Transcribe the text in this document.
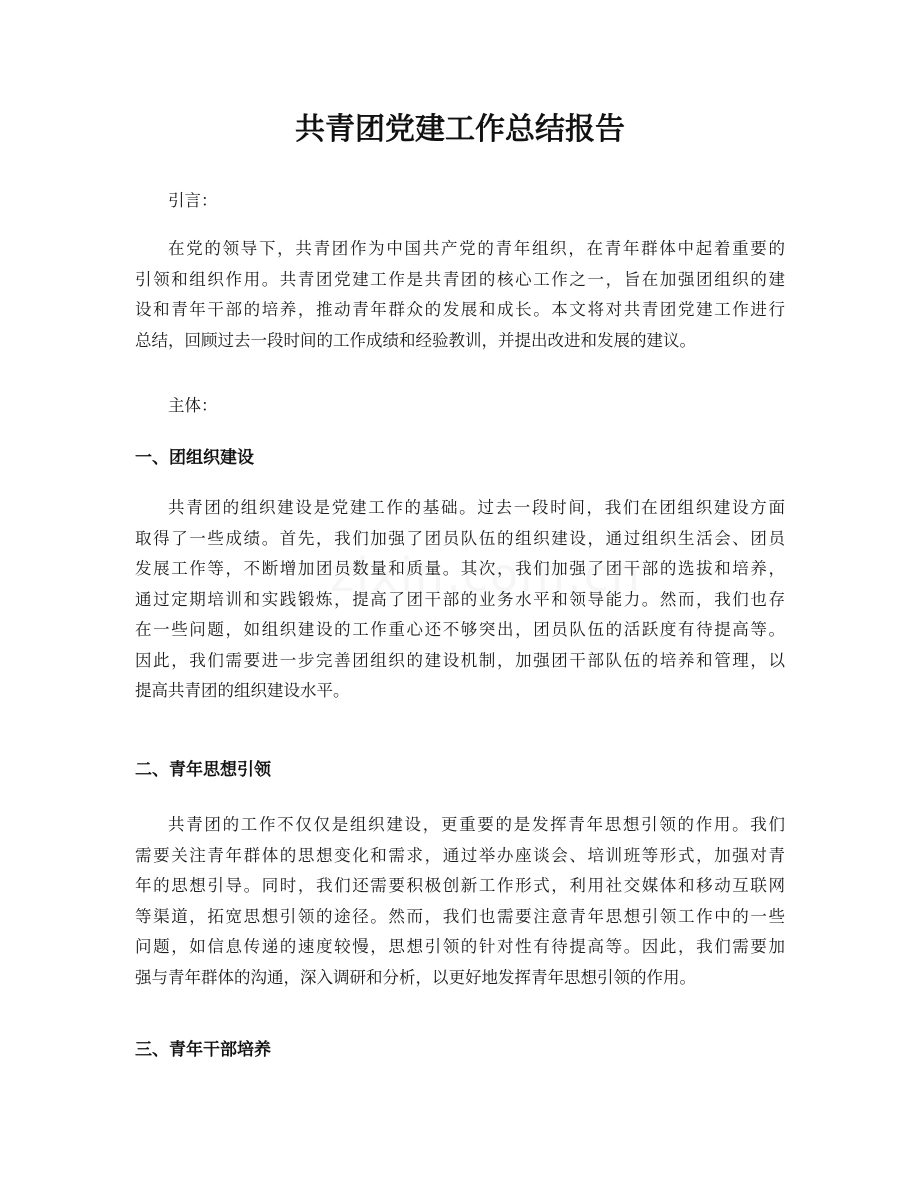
共青团党建工作总结报告

引言：

在党的领导下，共青团作为中国共产党的青年组织，在青年群体中起着重要的
引领和组织作用。共青团党建工作是共青团的核心工作之一，旨在加强团组织的建
设和青年干部的培养，推动青年群众的发展和成长。本文将对共青团党建工作进行
总结，回顾过去一段时间的工作成绩和经验教训，并提出改进和发展的建议。

主体：

一、团组织建设
共青团的组织建设是党建工作的基础。过去一段时间，我们在团组织建设方面
取得了一些成绩。首先，我们加强了团员队伍的组织建设，通过组织生活会、团员
发展工作等，不断增加团员数量和质量。其次，我们加强了团干部的选拔和培养，
通过定期培训和实践锻炼，提高了团干部的业务水平和领导能力。然而，我们也存
在一些问题，如组织建设的工作重心还不够突出，团员队伍的活跃度有待提高等。
因此，我们需要进一步完善团组织的建设机制，加强团干部队伍的培养和管理，以
提高共青团的组织建设水平。
二、青年思想引领
共青团的工作不仅仅是组织建设，更重要的是发挥青年思想引领的作用。我们
需要关注青年群体的思想变化和需求，通过举办座谈会、培训班等形式，加强对青
年的思想引导。同时，我们还需要积极创新工作形式，利用社交媒体和移动互联网
等渠道，拓宽思想引领的途径。然而，我们也需要注意青年思想引领工作中的一些
问题，如信息传递的速度较慢，思想引领的针对性有待提高等。因此，我们需要加
强与青年群体的沟通，深入调研和分析，以更好地发挥青年思想引领的作用。
三、青年干部培养
